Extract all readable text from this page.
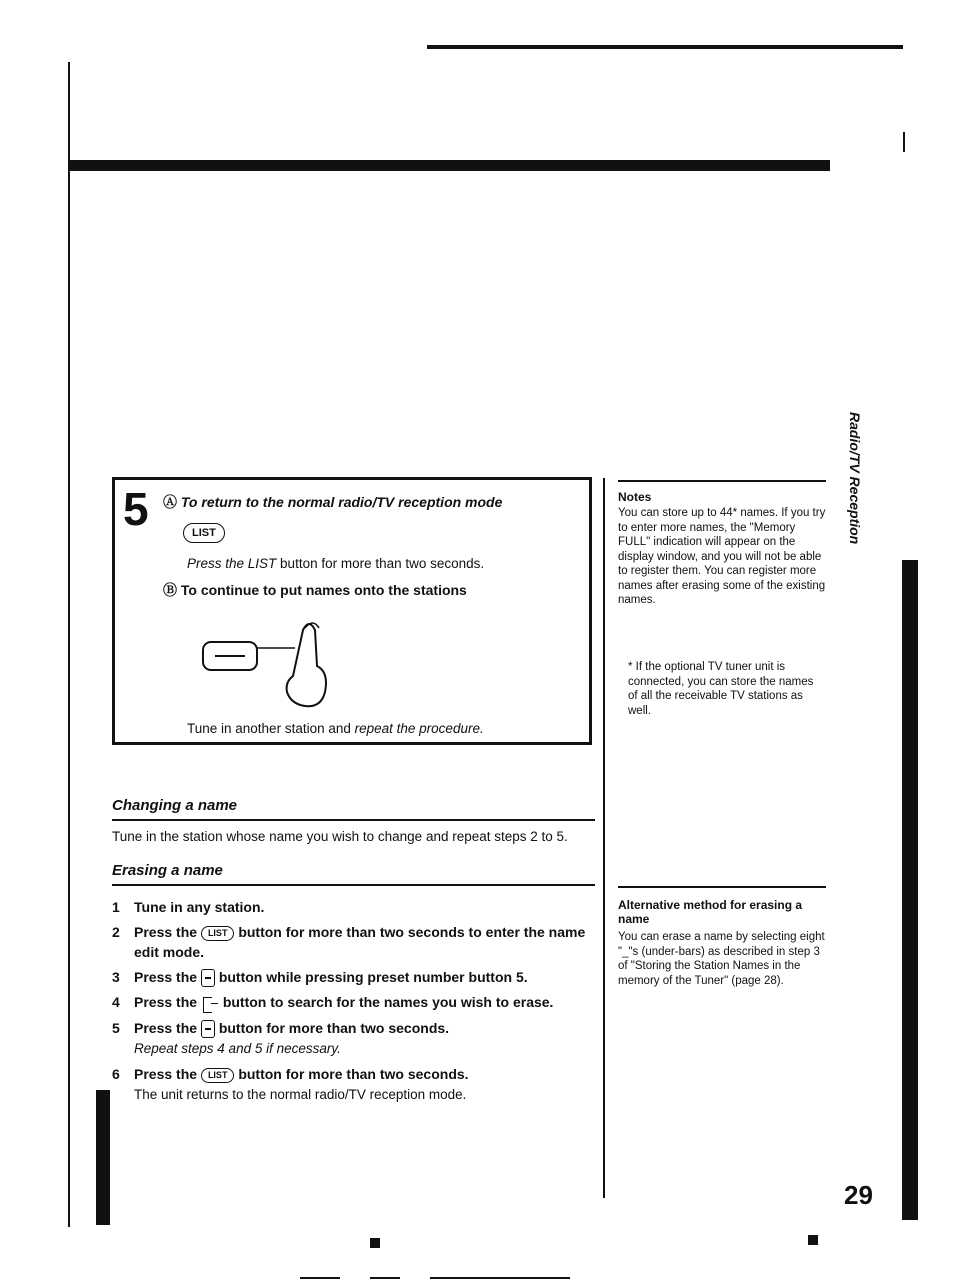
Radio/TV Reception
5 Ⓐ To return to the normal radio/TV reception mode
LIST
Press the LIST button for more than two seconds.
Ⓑ To continue to put names onto the stations
Tune in another station and repeat the procedure.
Changing a name
Tune in the station whose name you wish to change and repeat steps 2 to 5.
Erasing a name
1 Tune in any station.
2 Press the LIST button for more than two seconds to enter the name edit mode.
3 Press the  button while pressing preset number button 5.
4 Press the  button to search for the names you wish to erase.
5 Press the  button for more than two seconds.
Repeat steps 4 and 5 if necessary.
6 Press the LIST button for more than two seconds.
The unit returns to the normal radio/TV reception mode.
Notes
You can store up to 44* names. If you try to enter more names, the "Memory FULL" indication will appear on the display window, and you will not be able to register them. You can register more names after erasing some of the existing names.
* If the optional TV tuner unit is connected, you can store the names of all the receivable TV stations as well.
Alternative method for erasing a name
You can erase a name by selecting eight "_"s (under-bars) as described in step 3 of "Storing the Station Names in the memory of the Tuner" (page 28).
29
